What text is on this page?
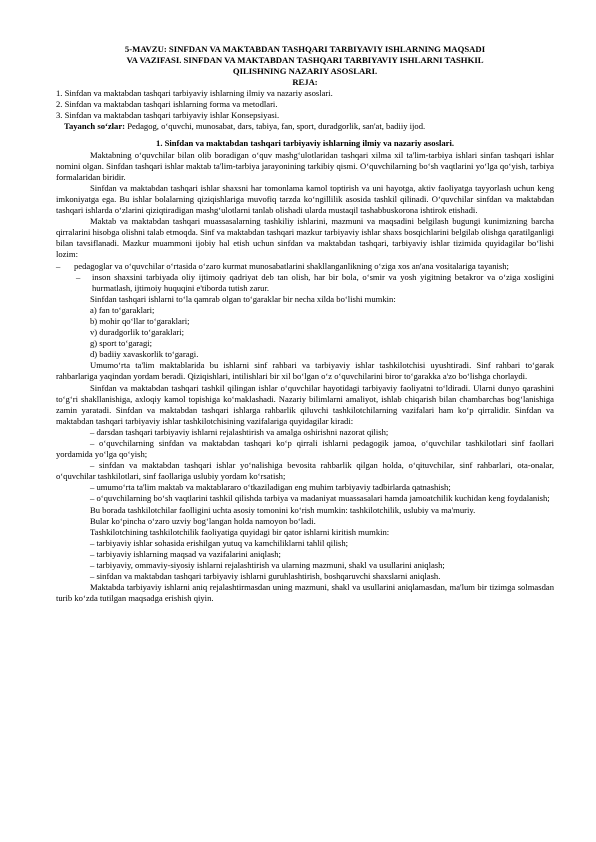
5-MAVZU: SINFDAN VA MAKTABDAN TASHQARI TARBIYAVIY ISHLARNING MAQSADI
VA VAZIFASI. SINFDAN VA MAKTABDAN TASHQARI TARBIYAVIY ISHLARNI TASHKIL
QILISHNING NAZARIY ASOSLARI.
REJA:
1. Sinfdan va maktabdan tashqari tarbiyaviy ishlarning ilmiy va nazariy asoslari.
2. Sinfdan va maktabdan tashqari ishlarning forma va metodlari.
3. Sinfdan va maktabdan tashqari tarbiyaviy ishlar Konsepsiyasi.
Tayanch so‘zlar: Pedagog, o‘quvchi, munosabat, dars, tabiya, fan, sport, duradgorlik, san'at, badiiy ijod.
1. Sinfdan va maktabdan tashqari tarbiyaviy ishlarning ilmiy va nazariy asoslari.
Maktabning o‘quvchilar bilan olib boradigan o‘quv mashg‘ulotlaridan tashqari xilma xil ta'lim-tarbiya ishlari sinfan tashqari ishlar nomini olgan. Sinfdan tashqari ishlar maktab ta'lim-tarbiya jarayonining tarkibiy qismi. O‘quvchilarning bo‘sh vaqtlarini yo‘lga qo‘yish, tarbiya formalaridan biridir.
Sinfdan va maktabdan tashqari ishlar shaxsni har tomonlama kamol toptirish va uni hayotga, aktiv faoliyatga tayyorlash uchun keng imkoniyatga ega. Bu ishlar bolalarning qiziqishlariga muvofiq tarzda ko‘ngillilik asosida tashkil qilinadi. O‘quvchilar sinfdan va maktabdan tashqari ishlarda o‘zlarini qiziqtiradigan mashg‘ulotlarni tanlab olishadi ularda mustaqil tashabbuskorona ishtirok etishadi.
Maktab va maktabdan tashqari muassasalarning tashkiliy ishlarini, mazmuni va maqsadini belgilash bugungi kunimizning barcha qirralarini hisobga olishni talab etmoqda. Sinf va maktabdan tashqari mazkur tarbiyaviy ishlar shaxs bosqichlarini belgilab olishga qaratilganligi bilan tavsiflanadi. Mazkur muammoni ijobiy hal etish uchun sinfdan va maktabdan tashqari, tarbiyaviy ishlar tizimida quyidagilar bo‘lishi lozim:
–	pedagoglar va o‘quvchilar o‘rtasida o‘zaro kurmat munosabatlarini shakllanganlikning o‘ziga xos an'ana vositalariga tayanish;
–	inson shaxsini tarbiyada oliy ijtimoiy qadriyat deb tan olish, har bir bola, o‘smir va yosh yigitning betakror va o‘ziga xosligini hurmatlash, ijtimoiy huquqini e'tiborda tutish zarur.
Sinfdan tashqari ishlarni to‘la qamrab olgan to‘garaklar bir necha xilda bo‘lishi mumkin:
a) fan to‘garaklari;
b) mohir qo‘llar to‘garaklari;
v) duradgorlik to‘garaklari;
g) sport to‘garagi;
d) badiiy xavaskorlik to‘garagi.
Umumo‘rta ta'lim maktablarida bu ishlarni sinf rahbari va tarbiyaviy ishlar tashkilotchisi uyushtiradi. Sinf rahbari to‘garak rahbarlariga yaqindan yordam beradi. Qiziqishlari, intilishlari bir xil bo‘lgan o‘z o‘quvchilarini biror to‘garakka a'zo bo‘lishga chorlaydi.
Sinfdan va maktabdan tashqari tashkil qilingan ishlar o‘quvchilar hayotidagi tarbiyaviy faoliyatni to‘ldiradi. Ularni dunyo qarashini to‘g‘ri shakllanishiga, axloqiy kamol topishiga ko‘maklashadi. Nazariy bilimlarni amaliyot, ishlab chiqarish bilan chambarchas bog‘lanishiga zamin yaratadi. Sinfdan va maktabdan tashqari ishlarga rahbarlik qiluvchi tashkilotchilarning vazifalari ham ko‘p qirralidir. Sinfdan va maktabdan tashqari tarbiyaviy ishlar tashkilotchisining vazifalariga quyidagilar kiradi:
– darsdan tashqari tarbiyaviy ishlarni rejalashtirish va amalga oshirishni nazorat qilish;
– o‘quvchilarning sinfdan va maktabdan tashqari ko‘p qirrali ishlarni pedagogik jamoa, o‘quvchilar tashkilotlari sinf faollari yordamida yo‘lga qo‘yish;
– sinfdan va maktabdan tashqari ishlar yo‘nalishiga bevosita rahbarlik qilgan holda, o‘qituvchilar, sinf rahbarlari, ota-onalar, o‘quvchilar tashkilotlari, sinf faollariga uslubiy yordam ko‘rsatish;
– umumo‘rta ta'lim maktab va maktablararo o‘tkaziladigan eng muhim tarbiyaviy tadbirlarda qatnashish;
– o‘quvchilarning bo‘sh vaqtlarini tashkil qilishda tarbiya va madaniyat muassasalari hamda jamoatchilik kuchidan keng foydalanish;
Bu borada tashkilotchilar faolligini uchta asosiy tomonini ko‘rish mumkin: tashkilotchilik, uslubiy va ma'muriy.
Bular ko‘pincha o‘zaro uzviy bog‘langan holda namoyon bo‘ladi.
Tashkilotchining tashkilotchilik faoliyatiga quyidagi bir qator ishlarni kiritish mumkin:
– tarbiyaviy ishlar sohasida erishilgan yutuq va kamchiliklarni tahlil qilish;
– tarbiyaviy ishlarning maqsad va vazifalarini aniqlash;
– tarbiyaviy, ommaviy-siyosiy ishlarni rejalashtirish va ularning mazmuni, shakl va usullarini aniqlash;
– sinfdan va maktabdan tashqari tarbiyaviy ishlarni guruhlashtirish, boshqaruvchi shaxslarni aniqlash.
Maktabda tarbiyaviy ishlarni aniq rejalashtirmasdan uning mazmuni, shakl va usullarini aniqlamasdan, ma'lum bir tizimga solmasdan turib ko‘zda tutilgan maqsadga erishish qiyin.
